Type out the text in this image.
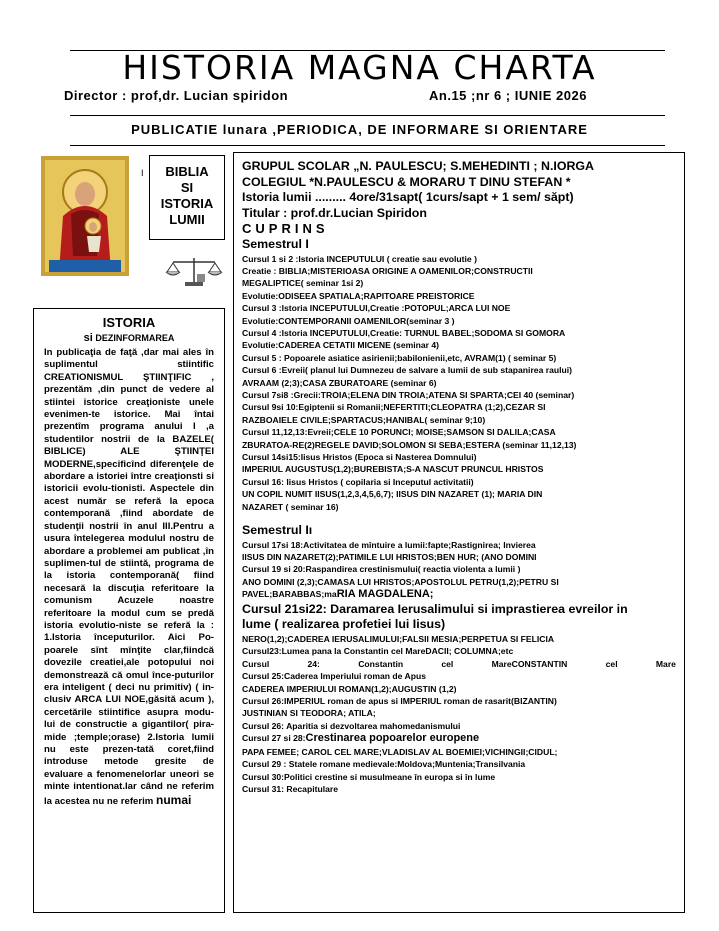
HISTORIA MAGNA CHARTA
Director : prof,dr. Lucian spiridon	An.15 ;nr 6 ; IUNIE 2026
PUBLICATIE lunara ,PERIODICA, DE INFORMARE SI ORIENTARE
I	BIBLIA
SI
ISTORIA
LUMII
ISTORIA
si DEZINFORMAREA
In publicaţia de faţă ,dar mai ales în suplimentul stiintific CREATIONISMUL ŞTIINŢIFIC , prezentăm ,din punct de vedere al stiintei istorice creaţioniste unele evenimen-te istorice. Mai întai prezentîm programa anului I ,a studentilor nostrii de la BAZELE( BIBLICE) ALE ŞTIINŢEI MODERNE,specificînd diferenţele de abordare a istoriei între creaţionsti si istoricii evolu-tionisti. Aspectele din acest număr se referă la epoca contemporană ,fiind abordate de studenţii nostrii în anul III.Pentru a usura întelegerea modulul nostru de abordare a problemei am publicat ,în suplimen-tul de stiintă, programa de la istoria contemporană( fiind necesară la discuţia referitoare la comunism Acuzele noastre referitoare la modul cum se predă istoria evolutio-niste se referă la : 1.Istoria începuturilor. Aici Po-poarele sînt mînţite clar,fiindcă dovezile creatiei,ale potopului noi demonstrează că omul înce-puturilor era inteligent ( deci nu primitiv) ( in-clusiv ARCA LUI NOE,găsită acum ), cercetările stiintifice asupra modu-lui de constructie a gigantilor( pira-mide ;temple;orase) 2.Istoria lumii nu este prezen-tată coret,fiind introduse metode gresite de evaluare a fenomenelorlar uneori se minte intentionat.Iar când ne referim la acestea nu ne referim numai
GRUPUL SCOLAR „N. PAULESCU; S.MEHEDINTI ; N.IORGA
COLEGIUL *N.PAULESCU & MORARU T DINU STEFAN *
Istoria lumii ......... 4ore/31sapt( 1curs/sapt + 1 sem/ săpt)
Titular : prof.dr.Lucian Spiridon
CUPRINS
Semestrul I
Cursul 1 si 2 :Istoria INCEPUTULUI ( creatie sau evolutie )
Creatie : BIBLIA;MISTERIOASA ORIGINE A OAMENILOR;CONSTRUCTII
MEGALIPTICE( seminar 1si 2)
Evolutie:ODISEEA SPATIALA;RAPITOARE PREISTORICE
Cursul 3 :Istoria INCEPUTULUI,Creatie :POTOPUL;ARCA LUI NOE
Evolutie:CONTEMPORANII OAMENILOR(seminar 3 )
Cursul 4 :Istoria INCEPUTULUI,Creatie: TURNUL BABEL;SODOMA SI GOMORA
Evolutie:CADEREA CETATII MICENE (seminar 4)
Cursul 5 : Popoarele asiatice asirienii;babilonienii,etc, AVRAM(1) ( seminar 5)
Cursul 6 :Evreii( planul lui Dumnezeu de salvare a lumii de sub stapanirea raului)
AVRAAM (2;3);CASA ZBURATOARE (seminar 6)
Cursul 7si8 :Grecii:TROIA;ELENA DIN TROIA;ATENA SI SPARTA;CEI 40 (seminar)
Cursul 9si 10:Egiptenii si Romanii;NEFERTITI;CLEOPATRA (1;2),CEZAR SI
RAZBOAIELE CIVILE;SPARTACUS;HANIBAL( seminar 9;10)
Cursul 11,12,13:Evreii;CELE 10 PORUNCI; MOISE;SAMSON SI DALILA;CASA
ZBURATOA-RE(2)REGELE DAVID;SOLOMON SI SEBA;ESTERA (seminar 11,12,13)
Cursul 14si15:Iisus Hristos (Epoca si Nasterea Domnului)
IMPERIUL AUGUSTUS(1,2);BUREBISTA;S-A NASCUT PRUNCUL HRISTOS
Cursul 16: Iisus Hristos ( copilaria si Inceputul activitatii)
UN COPIL NUMIT IISUS(1,2,3,4,5,6,7); IISUS DIN NAZARET (1); MARIA DIN
NAZARET ( seminar 16)
Semestrul Iı
Cursul 17si 18:Activitatea de mîntuire a lumii:fapte;Rastignirea; Invierea
IISUS DIN NAZARET(2);PATIMILE LUI HRISTOS;BEN HUR; (ANO DOMINI
Cursul 19 si 20:Raspandirea crestinismului( reactia violenta a lumii )
ANO DOMINI (2,3);CAMASA LUI HRISTOS;APOSTOLUL PETRU(1,2);PETRU SI
PAVEL;BARABBAS;maRIA MAGDALENA;
Cursul 21si22: Daramarea Ierusalimului si imprastierea evreilor in
lume ( realizarea profetiei lui Iisus)
NERO(1,2);CADEREA IERUSALIMULUI;FALSII MESIA;PERPETUA SI FELICIA
Cursul23:Lumea pana la Constantin cel MareDACII; COLUMNA;etc
Cursul	24:	Constantin	cel	MareCONSTANTIN	cel	Mare
Cursul 25:Caderea Imperiului roman de Apus
CADEREA IMPERIULUI ROMAN(1,2);AUGUSTIN (1,2)
Cursul 26:IMPERIUL roman de apus si IMPERIUL roman de rasarit(BIZANTIN)
JUSTINIAN SI TEODORA; ATILA;
Cursul 26: Aparitia si dezvoltarea mahomedanismului
Cursul 27 si 28:Crestinarea popoarelor europene
PAPA FEMEE; CAROL CEL MARE;VLADISLAV AL BOEMIEI;VICHINGII;CIDUL;
Cursul 29 : Statele romane medievale:Moldova;Muntenia;Transilvania
Cursul 30:Politici crestine si musulmeane în europa si în lume
Cursul 31: Recapitulare
